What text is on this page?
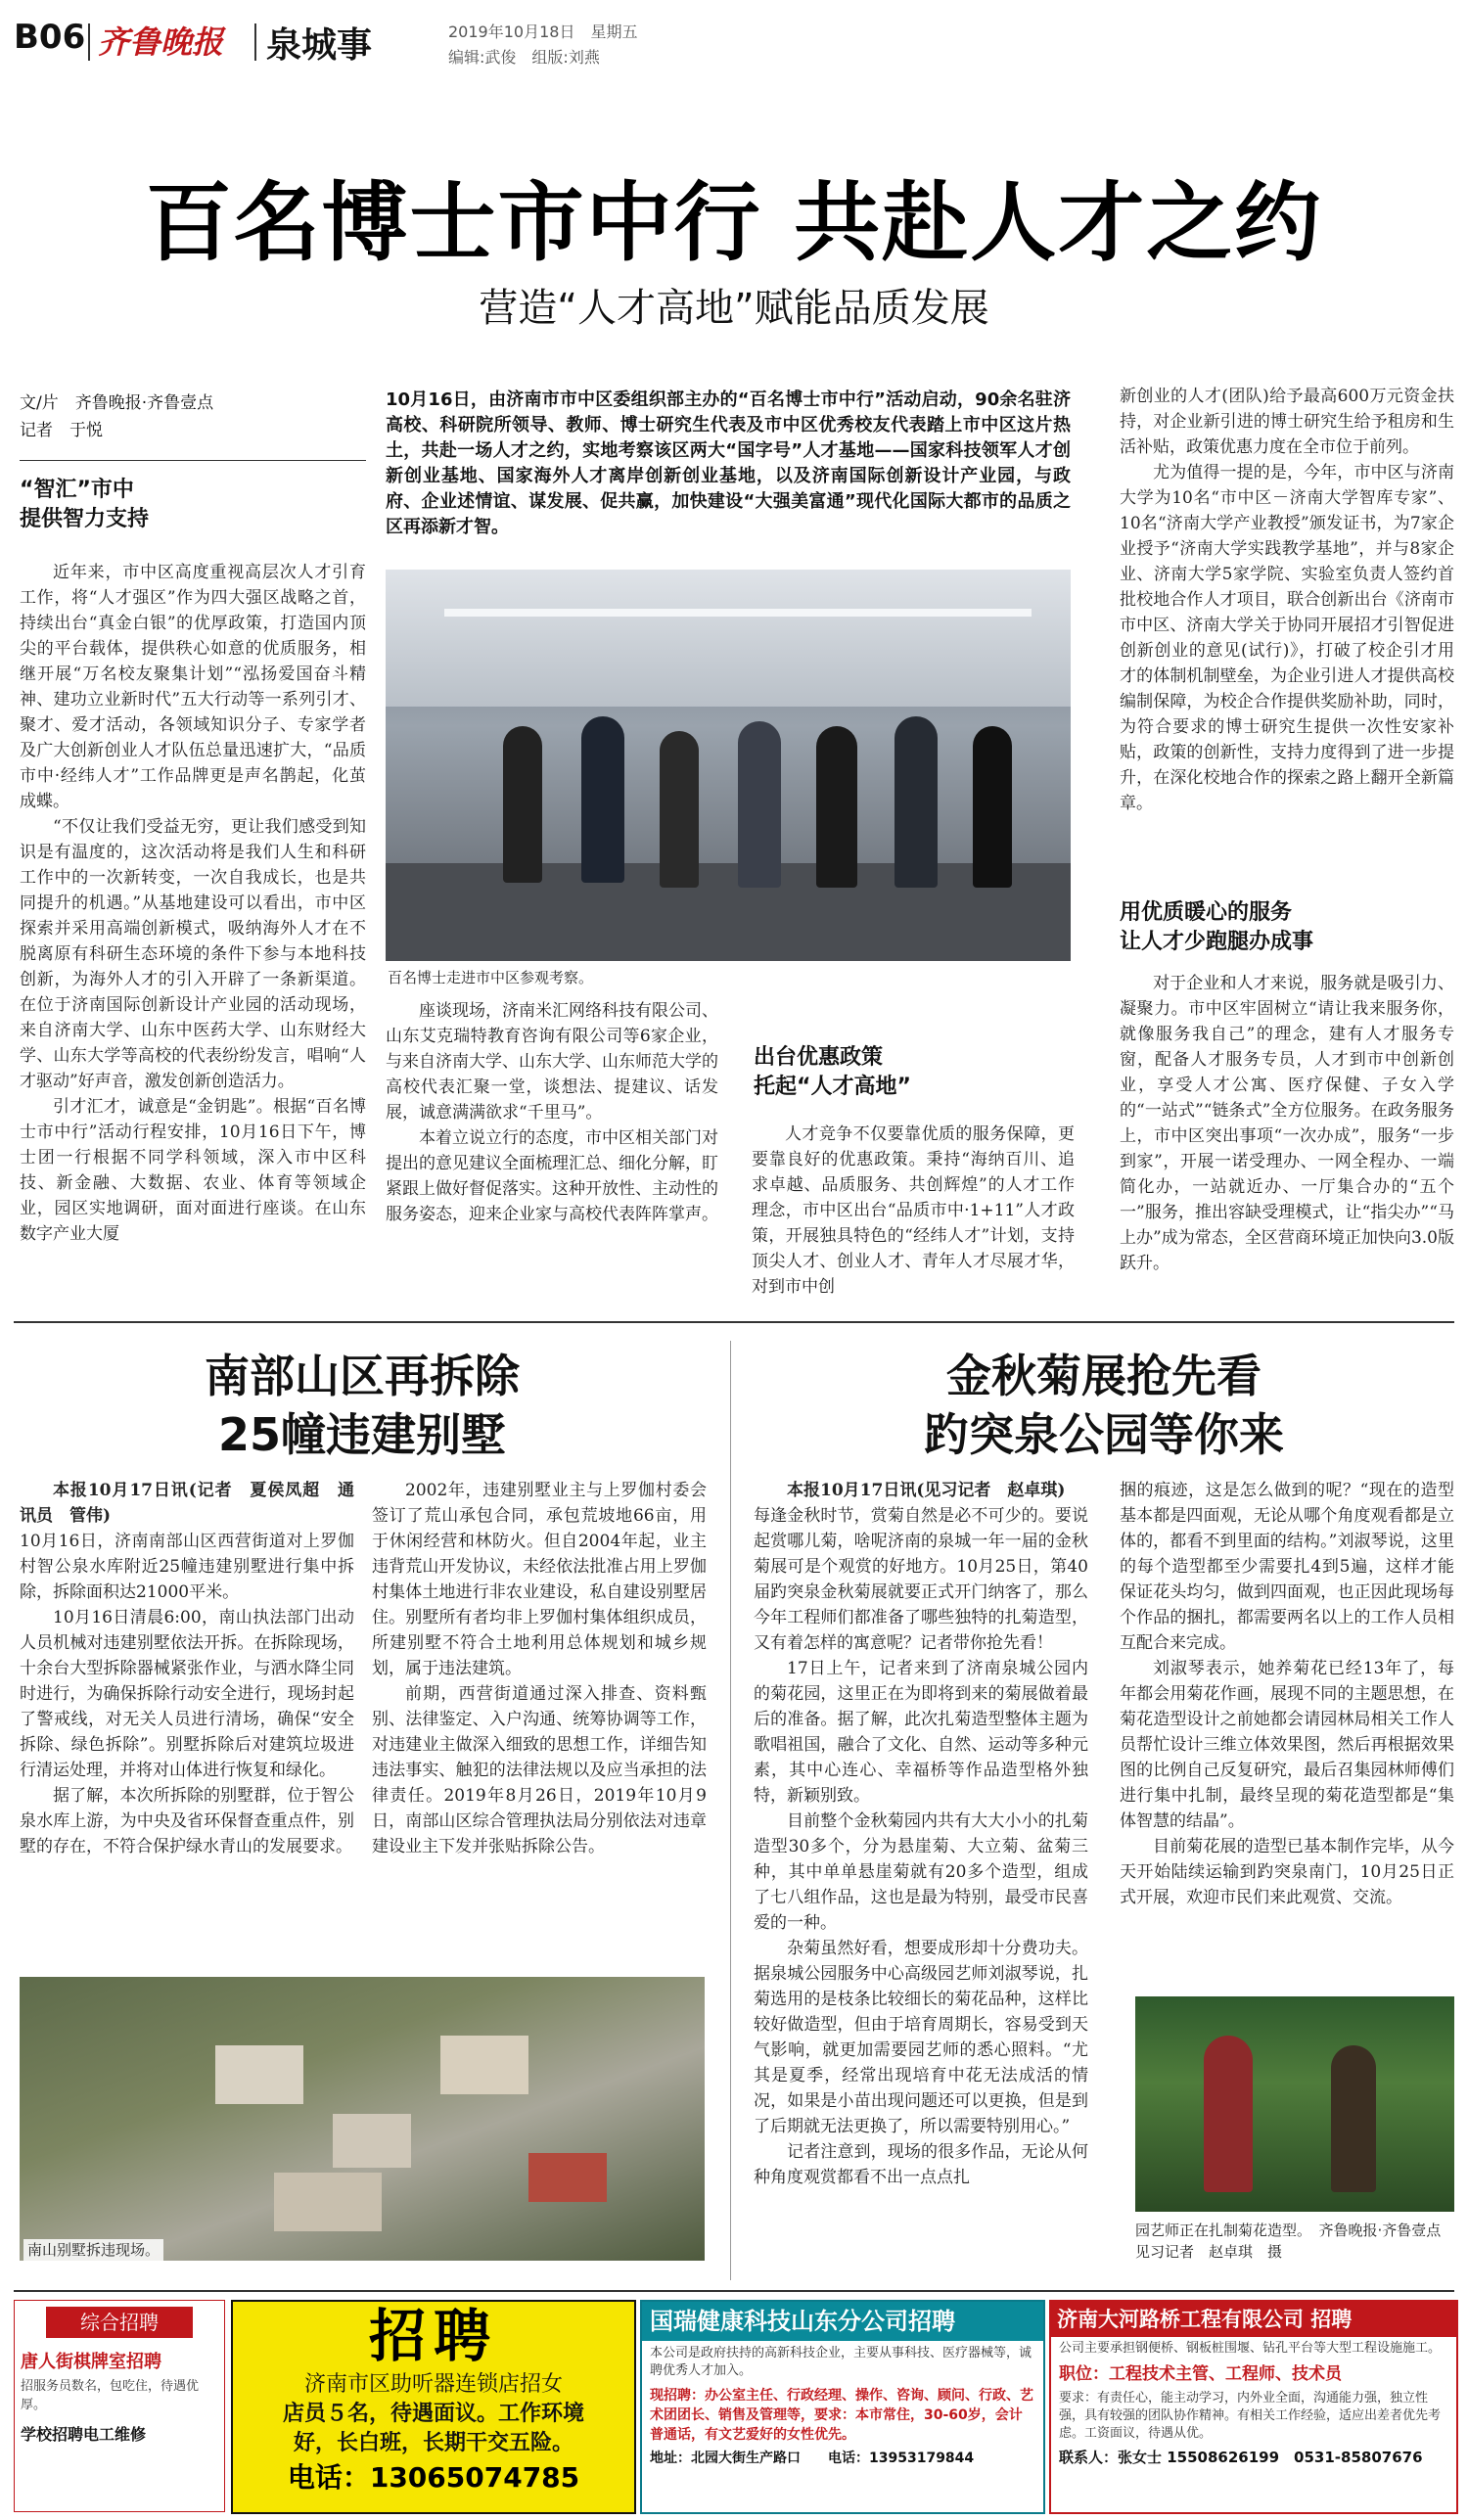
B06 齐鲁晚报 泉城事	2019年10月18日　 星期五
编辑:武俊　 组版:刘燕
百名博士市中行 共赴人才之约
营造“人才高地”赋能品质发展
文/片　齐鲁晚报·齐鲁壹点
记者　于悦
“智汇”市中
提供智力支持

近年来，市中区高度重视高层次人才引育工作，将“人才强区”作为四大强区战略之首，持续出台“真金白银”的优厚政策，打造国内顶尖的平台载体，提供秩心如意的优质服务，相继开展“万名校友聚集计划”“泓扬爱国奋斗精神、建功立业新时代”五大行动等一系列引才、聚才、爱才活动，各领域知识分子、专家学者及广大创新创业人才队伍总量迅速扩大，“品质市中·经纬人才”工作品牌更是声名鹊起，化茧成蝶。

“不仅让我们受益无穷，更让我们感受到知识是有温度的，这次活动将是我们人生和科研工作中的一次新转变，一次自我成长，也是共同提升的机遇。”从基地建设可以看出，市中区探索并采用高端创新模式，吸纳海外人才在不脱离原有科研生态环境的条件下参与本地科技创新，为海外人才的引入开辟了一条新渠道。在位于济南国际创新设计产业园的活动现场，来自济南大学、山东中医药大学、山东财经大学、山东大学等高校的代表纷纷发言，唱响“人才驱动”好声音，激发创新创造活力。

引才汇才，诚意是“金钥匙”。根据“百名博士市中行”活动行程安排，10月16日下午，博士团一行根据不同学科领域，深入市中区科技、新金融、大数据、农业、体育等领域企业，园区实地调研，面对面进行座谈。在山东数字产业大厦

10月16日，由济南市市中区委组织部主办的“百名博士市中行”活动启动，90余名驻济高校、科研院所领导、教师、博士研究生代表及市中区优秀校友代表踏上市中区这片热土，共赴一场人才之约，实地考察该区两大“国字号”人才基地——国家科技领军人才创新创业基地、国家海外人才离岸创新创业基地，以及济南国际创新设计产业园，与政府、企业述情谊、谋发展、促共赢，加快建设“大强美富通”现代化国际大都市的品质之区再添新才智。
百名博士走进市中区参观考察。

座谈现场，济南米汇网络科技有限公司、山东艾克瑞特教育咨询有限公司等6家企业，与来自济南大学、山东大学、山东师范大学的高校代表汇聚一堂，谈想法、提建议、话发展，诚意满满欲求“千里马”。

本着立说立行的态度，市中区相关部门对提出的意见建议全面梳理汇总、细化分解，盯紧跟上做好督促落实。这种开放性、主动性的服务姿态，迎来企业家与高校代表阵阵掌声。

出台优惠政策
托起“人才高地”

人才竞争不仅要靠优质的服务保障，更要靠良好的优惠政策。秉持“海纳百川、追求卓越、品质服务、共创辉煌”的人才工作理念，市中区出台“品质市中·1+11”人才政策，开展独具特色的“经纬人才”计划，支持顶尖人才、创业人才、青年人才尽展才华，对到市中创

新创业的人才(团队)给予最高600万元资金扶持，对企业新引进的博士研究生给予租房和生活补贴，政策优惠力度在全市位于前列。

尤为值得一提的是，今年，市中区与济南大学为10名“市中区－济南大学智库专家”、10名“济南大学产业教授”颁发证书，为7家企业授予“济南大学实践教学基地”，并与8家企业、济南大学5家学院、实验室负责人签约首批校地合作人才项目，联合创新出台《济南市市中区、济南大学关于协同开展招才引智促进创新创业的意见(试行)》，打破了校企引才用才的体制机制壁垒，为企业引进人才提供高校编制保障，为校企合作提供奖励补助，同时，为符合要求的博士研究生提供一次性安家补贴，政策的创新性，支持力度得到了进一步提升，在深化校地合作的探索之路上翻开全新篇章。

用优质暖心的服务
让人才少跑腿办成事

对于企业和人才来说，服务就是吸引力、凝聚力。市中区牢固树立“请让我来服务你，就像服务我自己”的理念，建有人才服务专窗，配备人才服务专员，人才到市中创新创业，享受人才公寓、医疗保健、子女入学的“一站式”“链条式”全方位服务。在政务服务上，市中区突出事项“一次办成”，服务“一步到家”，开展一诺受理办、一网全程办、一端简化办，一站就近办、一厅集合办的“五个一”服务，推出容缺受理模式，让“指尖办”“马上办”成为常态，全区营商环境正加快向3.0版跃升。

南部山区再拆除
25幢违建别墅

本报10月17日讯(记者　夏侯凤超　通讯员　管伟)

10月16日，济南南部山区西营街道对上罗伽村智公泉水库附近25幢违建别墅进行集中拆除，拆除面积达21000平米。

10月16日清晨6:00，南山执法部门出动人员机械对违建别墅依法开拆。在拆除现场，十余台大型拆除器械紧张作业，与洒水降尘同时进行，为确保拆除行动安全进行，现场封起了警戒线，对无关人员进行清场，确保“安全拆除、绿色拆除”。别墅拆除后对建筑垃圾进行清运处理，并将对山体进行恢复和绿化。

据了解，本次所拆除的别墅群，位于智公泉水库上游，为中央及省环保督查重点件，别墅的存在，不符合保护绿水青山的发展要求。

2002年，违建别墅业主与上罗伽村委会签订了荒山承包合同，承包荒坡地66亩，用于休闲经营和林防火。但自2004年起，业主违背荒山开发协议，未经依法批准占用上罗伽村集体土地进行非农业建设，私自建设别墅居住。别墅所有者均非上罗伽村集体组织成员，所建别墅不符合土地利用总体规划和城乡规划，属于违法建筑。

前期，西营街道通过深入排查、资料甄别、法律鉴定、入户沟通、统筹协调等工作，对违建业主做深入细致的思想工作，详细告知违法事实、触犯的法律法规以及应当承担的法律责任。2019年8月26日，2019年10月9日，南部山区综合管理执法局分别依法对违章建设业主下发并张贴拆除公告。

南山别墅拆违现场。
金秋菊展抢先看
趵突泉公园等你来

本报10月17日讯(见习记者　赵卓琪)

每逢金秋时节，赏菊自然是必不可少的。要说起赏哪儿菊，啥呢济南的泉城一年一届的金秋菊展可是个观赏的好地方。10月25日，第40届趵突泉金秋菊展就要正式开门纳客了，那么今年工程师们都准备了哪些独特的扎菊造型，又有着怎样的寓意呢？记者带你抢先看！

17日上午，记者来到了济南泉城公园内的菊花园，这里正在为即将到来的菊展做着最后的准备。据了解，此次扎菊造型整体主题为歌唱祖国，融合了文化、自然、运动等多种元素，其中心连心、幸福桥等作品造型格外独特，新颖别致。

目前整个金秋菊园内共有大大小小的扎菊造型30多个，分为悬崖菊、大立菊、盆菊三种，其中单单悬崖菊就有20多个造型，组成了七八组作品，这也是最为特别，最受市民喜爱的一种。

杂菊虽然好看，想要成形却十分费功夫。据泉城公园服务中心高级园艺师刘淑琴说，扎菊选用的是枝条比较细长的菊花品种，这样比较好做造型，但由于培育周期长，容易受到天气影响，就更加需要园艺师的悉心照料。“尤其是夏季，经常出现培育中花无法成活的情况，如果是小苗出现问题还可以更换，但是到了后期就无法更换了，所以需要特别用心。”

记者注意到，现场的很多作品，无论从何种角度观赏都看不出一点点扎

捆的痕迹，这是怎么做到的呢？“现在的造型基本都是四面观，无论从哪个角度观看都是立体的，都看不到里面的结构。”刘淑琴说，这里的每个造型都至少需要扎4到5遍，这样才能保证花头均匀，做到四面观，也正因此现场每个作品的捆扎，都需要两名以上的工作人员相互配合来完成。

刘淑琴表示，她养菊花已经13年了，每年都会用菊花作画，展现不同的主题思想，在菊花造型设计之前她都会请园林局相关工作人员帮忙设计三维立体效果图，然后再根据效果图的比例自己反复研究，最后召集园林师傅们进行集中扎制，最终呈现的菊花造型都是“集体智慧的结晶”。

目前菊花展的造型已基本制作完毕，从今天开始陆续运输到趵突泉南门，10月25日正式开展，欢迎市民们来此观赏、交流。

园艺师正在扎制菊花造型。　齐鲁晚报·齐鲁壹点见习记者　赵卓琪　摄
综合招聘
唐人街棋牌室招聘
招服务员数名，包吃住，待遇优厚。
学校招聘电工维修
招聘
济南市区助听器连锁店招女
店员５名，待遇面议。工作环境
好，长白班，长期干交五险。
电话：13065074785
国瑞健康科技山东分公司招聘
本公司是政府扶持的高新科技企业，主要从事科技、医疗器械等，诚聘优秀人才加入。
现招聘：办公室主任、行政经理、操作、咨询、顾问、行政、艺术团团长、销售及管理等，要求：本市常住，30-60岁，会计普通话，有文艺爱好的女性优先。
地址：北园大街生产路口　　电话：13953179844
济南大河路桥工程有限公司 招聘
公司主要承担钢便桥、钢板桩围堰、钻孔平台等大型工程设施施工。
职位：工程技术主管、工程师、技术员
要求：有责任心，能主动学习，内外业全面，沟通能力强，独立性强，具有较强的团队协作精神。有相关工作经验，适应出差者优先考虑。工资面议，待遇从优。
联系人：张女士 15508626199　0531-85807676
